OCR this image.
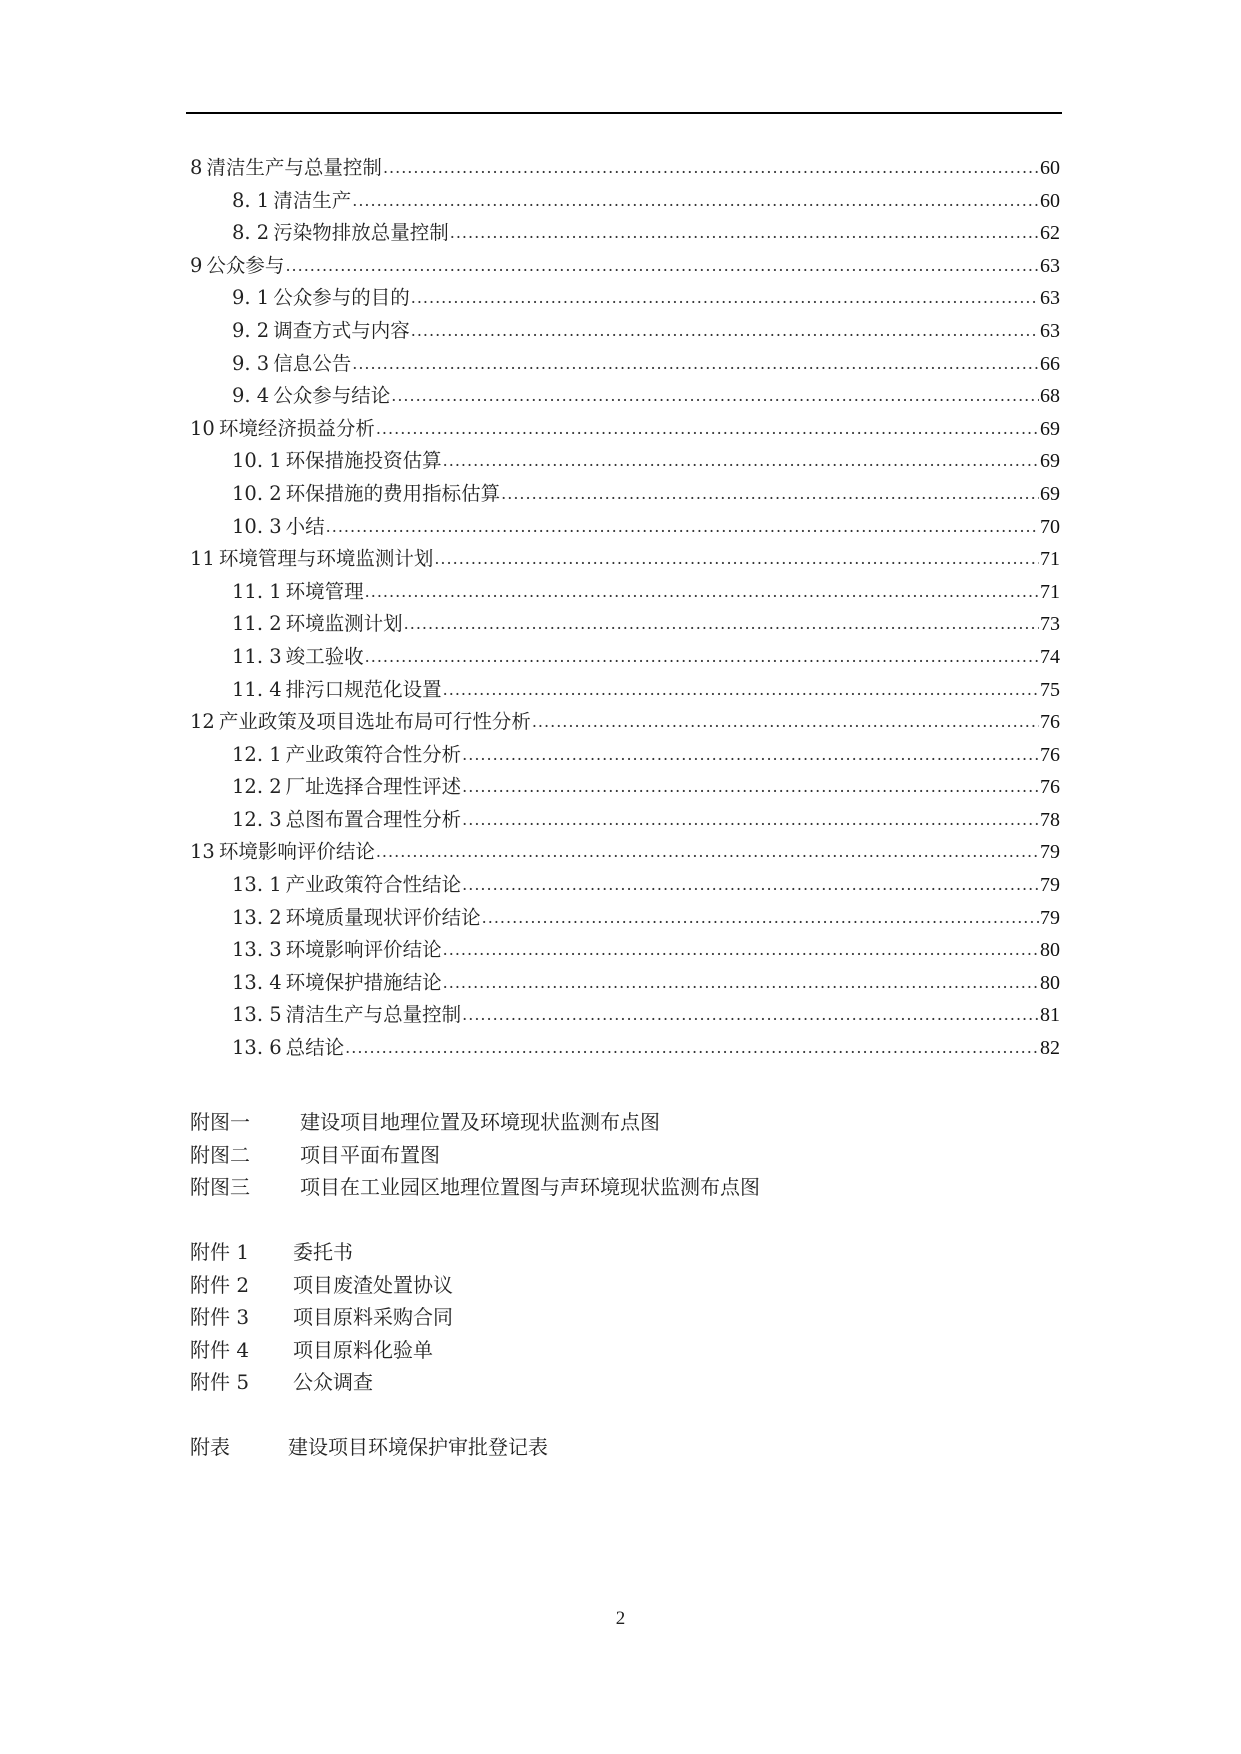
8 清洁生产与总量控制 .....	60
8. 1 清洁生产 .....	60
8. 2 污染物排放总量控制 .....	62
9 公众参与 .....	63
9. 1 公众参与的目的 .....	63
9. 2 调查方式与内容 .....	63
9. 3 信息公告 .....	66
9. 4 公众参与结论 .....	68
10 环境经济损益分析 .....	69
10. 1 环保措施投资估算 .....	69
10. 2 环保措施的费用指标估算 .....	69
10. 3 小结 .....	70
11 环境管理与环境监测计划 .....	71
11. 1 环境管理 .....	71
11. 2 环境监测计划 .....	73
11. 3 竣工验收 .....	74
11. 4 排污口规范化设置 .....	75
12 产业政策及项目选址布局可行性分析 .....	76
12. 1 产业政策符合性分析 .....	76
12. 2 厂址选择合理性评述 .....	76
12. 3 总图布置合理性分析 .....	78
13 环境影响评价结论 .....	79
13. 1 产业政策符合性结论 .....	79
13. 2 环境质量现状评价结论 .....	79
13. 3 环境影响评价结论 .....	80
13. 4 环境保护措施结论 .....	80
13. 5 清洁生产与总量控制 .....	81
13. 6 总结论 .....	82
附图一	建设项目地理位置及环境现状监测布点图
附图二	项目平面布置图
附图三	项目在工业园区地理位置图与声环境现状监测布点图
附件 1	委托书
附件 2	项目废渣处置协议
附件 3	项目原料采购合同
附件 4	项目原料化验单
附件 5	公众调查
附表	建设项目环境保护审批登记表
2
